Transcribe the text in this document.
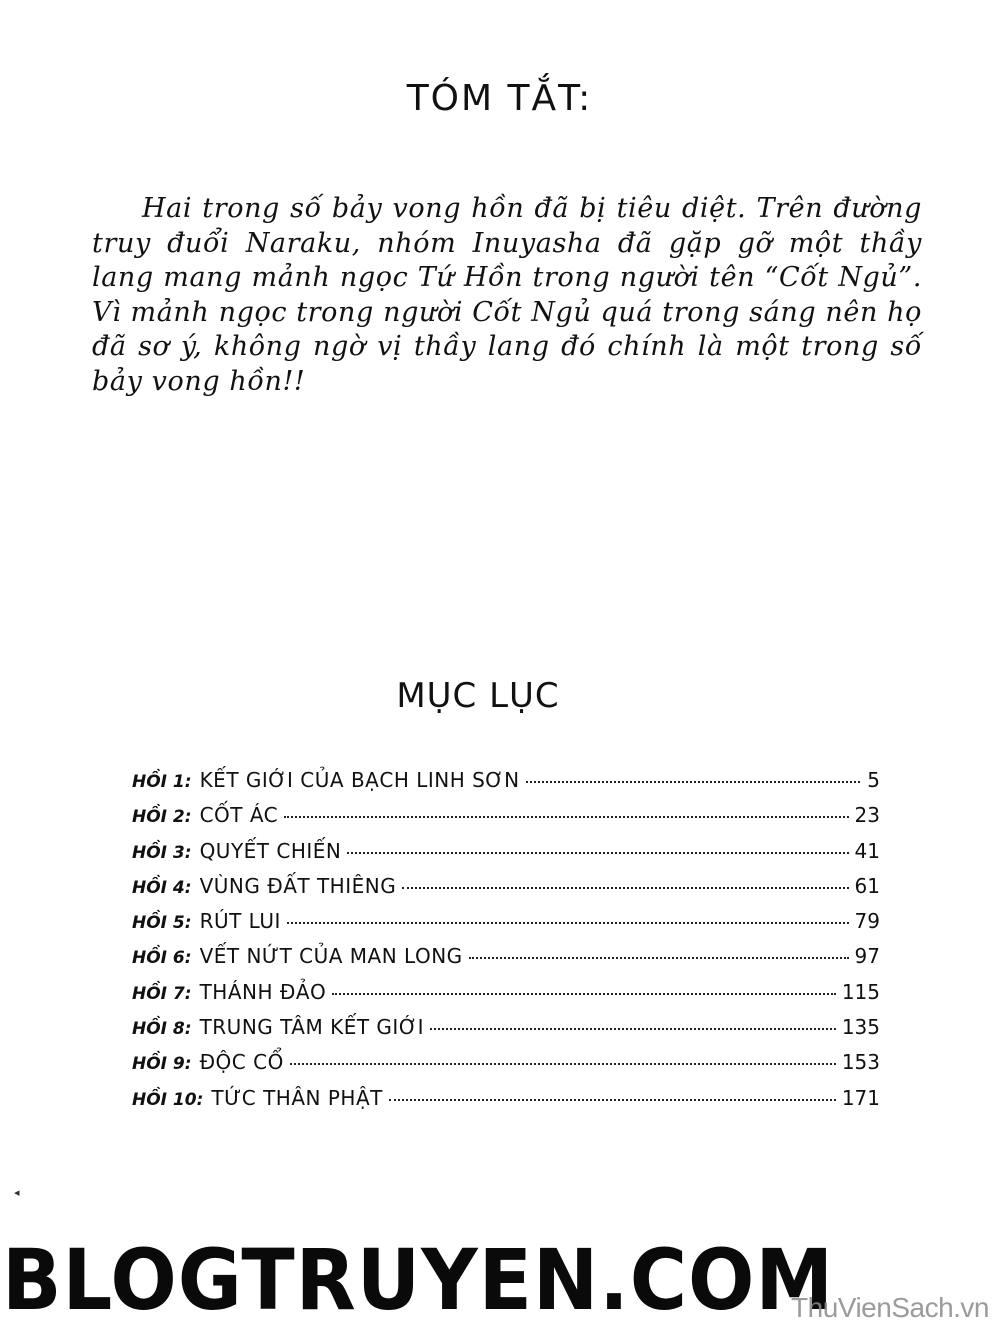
TÓM TẮT:

Hai trong số bảy vong hồn đã bị tiêu diệt. Trên đường truy đuổi Naraku, nhóm Inuyasha đã gặp gỡ một thầy lang mang mảnh ngọc Tứ Hồn trong người tên “Cốt Ngủ”. Vì mảnh ngọc trong người Cốt Ngủ quá trong sáng nên họ đã sơ ý, không ngờ vị thầy lang đó chính là một trong số bảy vong hồn!!

MỤC LỤC
HỒI 1: KẾT GIỚI CỦA BẠCH LINH SƠN	5
HỒI 2: CỐT ÁC	23
HỒI 3: QUYẾT CHIẾN	41
HỒI 4: VÙNG ĐẤT THIÊNG	61
HỒI 5: RÚT LUI	79
HỒI 6: VẾT NỨT CỦA MAN LONG	97
HỒI 7: THÁNH ĐẢO	115
HỒI 8: TRUNG TÂM KẾT GIỚI	135
HỒI 9: ĐỘC CỔ	153
HỒI 10: TỨC THÂN PHẬT	171
◂
BLOGTRUYEN.COM
ThuVienSach.vn
